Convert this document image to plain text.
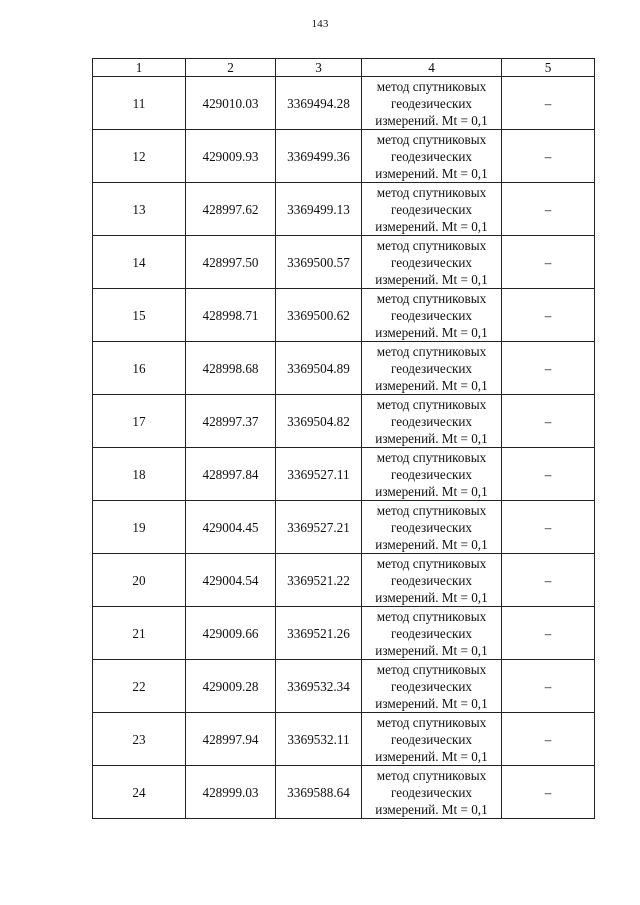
143
1	2	3	4	5
11	429010.03	3369494.28	метод спутниковых
геодезических
измерений. Mt = 0,1	–
12	429009.93	3369499.36	метод спутниковых
геодезических
измерений. Mt = 0,1	–
13	428997.62	3369499.13	метод спутниковых
геодезических
измерений. Mt = 0,1	–
14	428997.50	3369500.57	метод спутниковых
геодезических
измерений. Mt = 0,1	–
15	428998.71	3369500.62	метод спутниковых
геодезических
измерений. Mt = 0,1	–
16	428998.68	3369504.89	метод спутниковых
геодезических
измерений. Mt = 0,1	–
17	428997.37	3369504.82	метод спутниковых
геодезических
измерений. Mt = 0,1	–
18	428997.84	3369527.11	метод спутниковых
геодезических
измерений. Mt = 0,1	–
19	429004.45	3369527.21	метод спутниковых
геодезических
измерений. Mt = 0,1	–
20	429004.54	3369521.22	метод спутниковых
геодезических
измерений. Mt = 0,1	–
21	429009.66	3369521.26	метод спутниковых
геодезических
измерений. Mt = 0,1	–
22	429009.28	3369532.34	метод спутниковых
геодезических
измерений. Mt = 0,1	–
23	428997.94	3369532.11	метод спутниковых
геодезических
измерений. Mt = 0,1	–
24	428999.03	3369588.64	метод спутниковых
геодезических
измерений. Mt = 0,1	–
